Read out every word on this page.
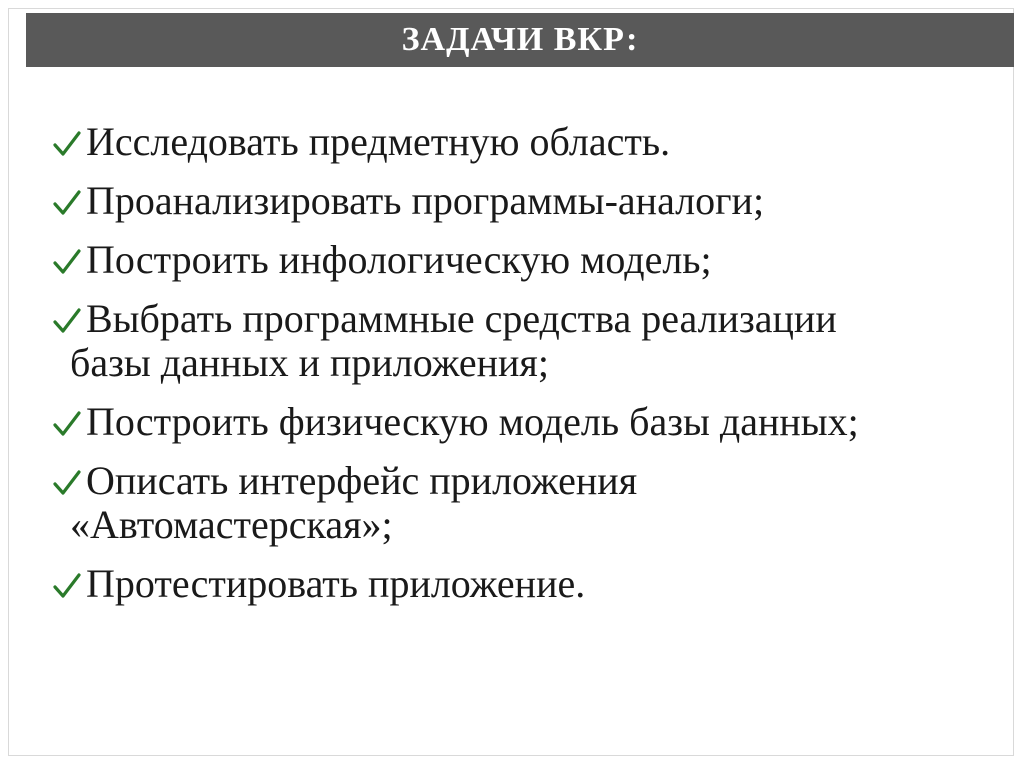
ЗАДАЧИ ВКР:
Исследовать предметную область.
Проанализировать программы-аналоги;
Построить инфологическую модель;
Выбрать программные средства реализации
базы данных и приложения;
Построить физическую модель базы данных;
Описать интерфейс приложения
«Автомастерская»;
Протестировать приложение.
